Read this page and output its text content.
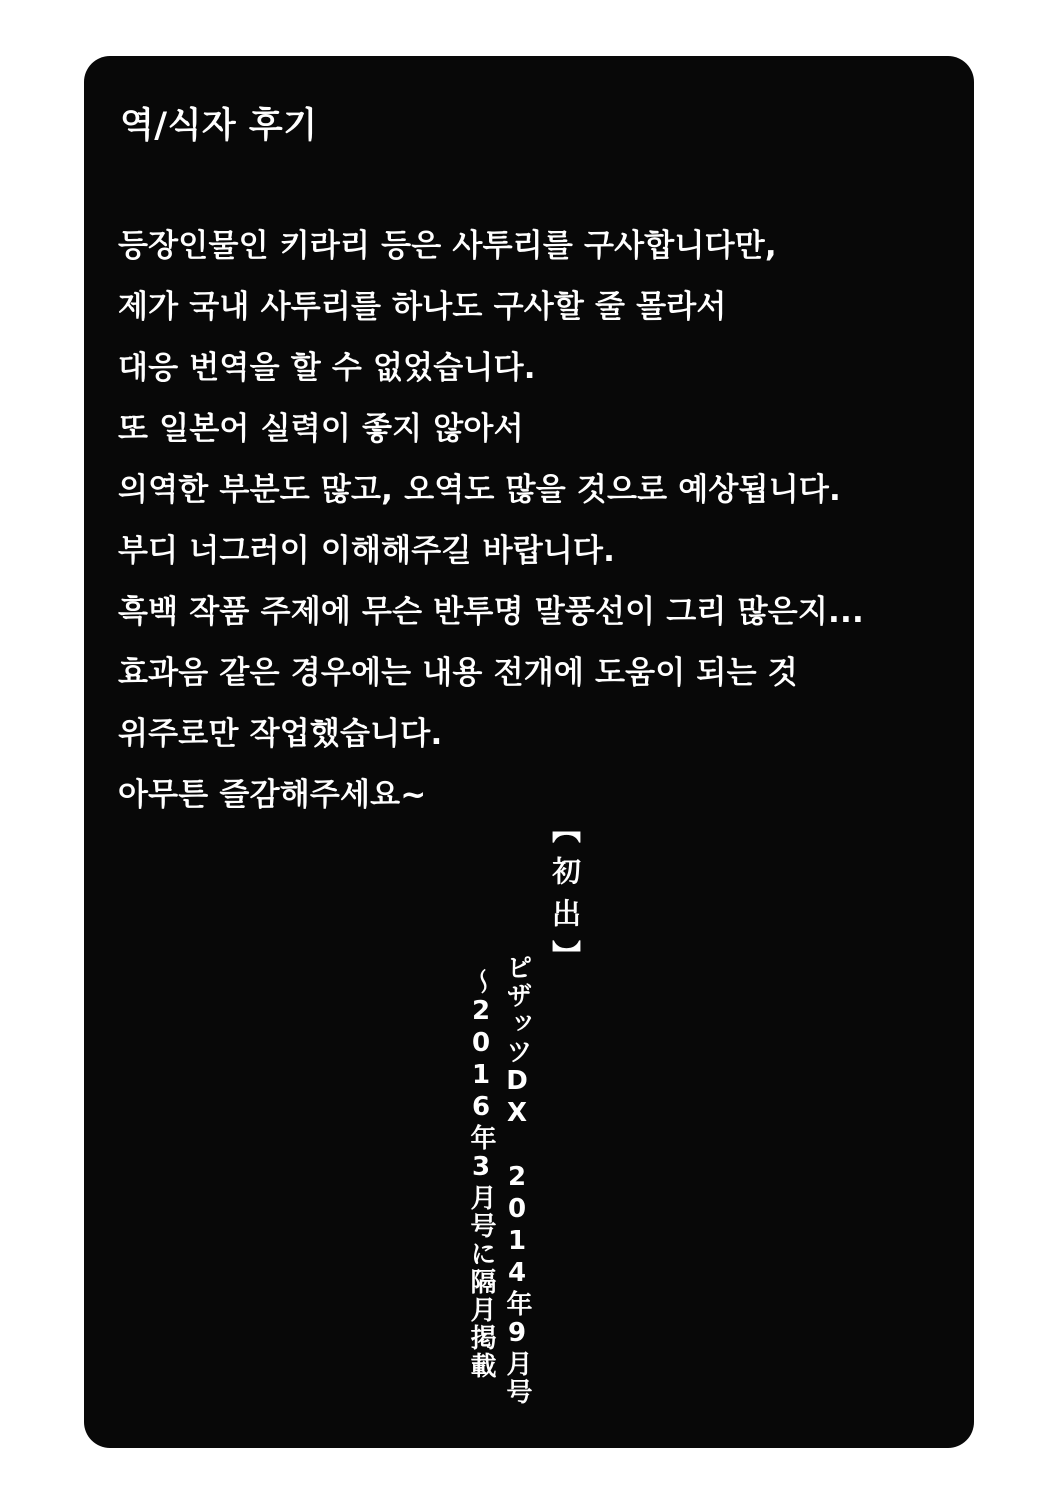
역/식자 후기
등장인물인 키라리 등은 사투리를 구사합니다만,
제가 국내 사투리를 하나도 구사할 줄 몰라서
대응 번역을 할 수 없었습니다.
또 일본어 실력이 좋지 않아서
의역한 부분도 많고, 오역도 많을 것으로 예상됩니다.
부디 너그러이 이해해주길 바랍니다.
흑백 작품 주제에 무슨 반투명 말풍선이 그리 많은지...
효과음 같은 경우에는 내용 전개에 도움이 되는 것
위주로만 작업했습니다.
아무튼 즐감해주세요~
【初出】
〜2016年3月号に隔月掲載 ピザッツDX 2014年9月号
